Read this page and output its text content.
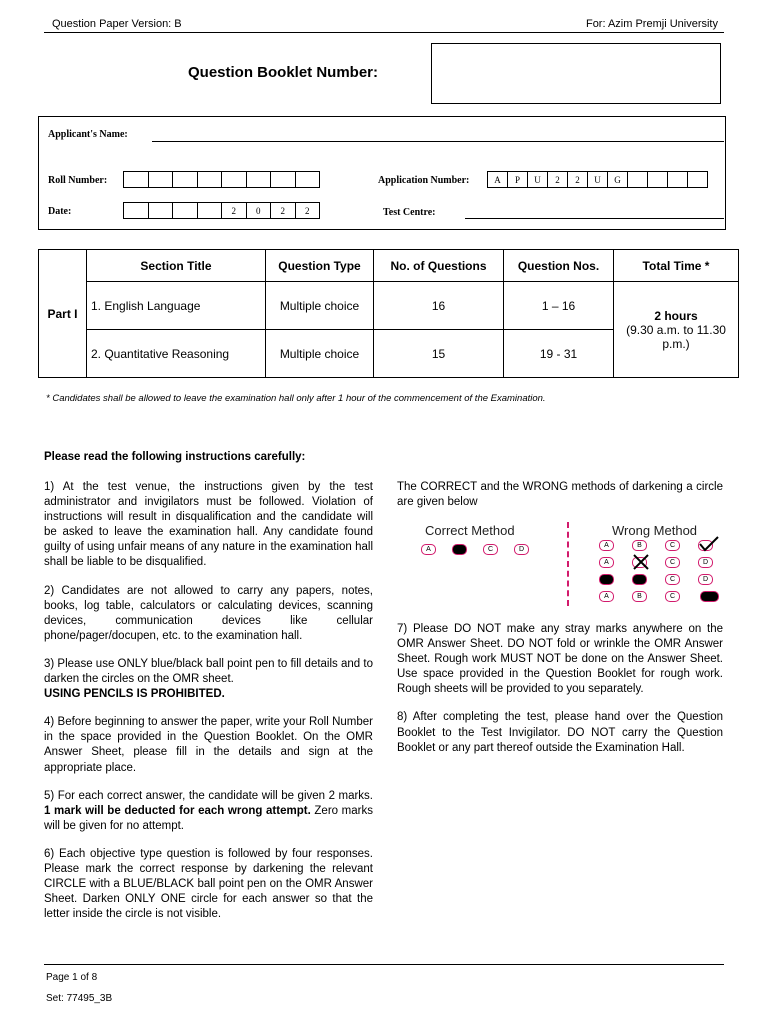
Question Paper Version: B	For: Azim Premji University
Question Booklet Number:
Applicant's Name:
Roll Number:	Application Number:	A	P	U	2	2	U	G
Date:	2	0	2	2	Test Centre:
Part I	Section Title	Question Type	No. of Questions	Question Nos.	Total Time *
	1. English Language	Multiple choice	16	1 – 16	2 hours
(9.30 a.m. to 11.30 p.m.)

	2. Quantitative Reasoning	Multiple choice	15	19 - 31	
* Candidates shall be allowed to leave the examination hall only after 1 hour of the commencement of the Examination.
Please read the following instructions carefully:

1) At the test venue, the instructions given by the test administrator and invigilators must be followed. Violation of instructions will result in disqualification and the candidate will be asked to leave the examination hall. Any candidate found guilty of using unfair means of any nature in the examination hall shall be liable to be disqualified.

2) Candidates are not allowed to carry any papers, notes, books, log table, calculators or calculating devices, scanning devices, communication devices like cellular phone/pager/docupen, etc. to the examination hall.

3) Please use ONLY blue/black ball point pen to fill details and to darken the circles on the OMR sheet.
USING PENCILS IS PROHIBITED.

4) Before beginning to answer the paper, write your Roll Number in the space provided in the Question Booklet. On the OMR Answer Sheet, please fill in the details and sign at the appropriate place.

5) For each correct answer, the candidate will be given 2 marks. 1 mark will be deducted for each wrong attempt. Zero marks will be given for no attempt.

6) Each objective type question is followed by four responses. Please mark the correct response by darkening the relevant CIRCLE with a BLUE/BLACK ball point pen on the OMR Answer Sheet. Darken ONLY ONE circle for each answer so that the letter inside the circle is not visible.

The CORRECT and the WRONG methods of darkening a circle are given below
Correct Method
A	C	D
Wrong Method
A	B	C
A	C	D
C	D
A	B	C

7) Please DO NOT make any stray marks anywhere on the OMR Answer Sheet. DO NOT fold or wrinkle the OMR Answer Sheet. Rough work MUST NOT be done on the Answer Sheet. Use space provided in the Question Booklet for rough work. Rough sheets will be provided to you separately.

8) After completing the test, please hand over the Question Booklet to the Test Invigilator. DO NOT carry the Question Booklet or any part thereof outside the Examination Hall.

Page 1 of 8
Set: 77495_3B
